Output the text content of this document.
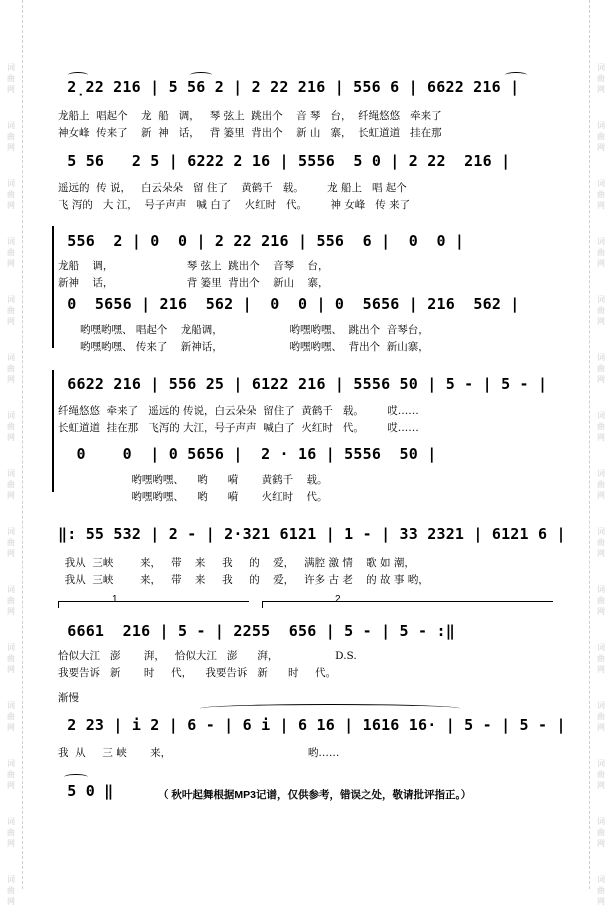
词
曲
网
词
曲
网
词
曲
网
词
曲
网
词
曲
网
词
曲
网
词
曲
网
词
曲
网
词
曲
网
词
曲
网
词
曲
网
词
曲
网
词
曲
网
词
曲
网
词
曲
网
词
曲
网
词
曲
网
词
曲
网
词
曲
网
词
曲
网
词
曲
网
词
曲
网
词
曲
网
词
曲
网
词
曲
网
词
曲
网
词
曲
网
词
曲
网
词
曲
网
词
曲
网
2̣22 216 | 5 56 2 | 2 22 216 | 556 6 | 6622 216 |
龙船上  唱起个    龙  船   调，   琴 弦上  跳出个    音 琴   台，  纤绳悠悠   牵来了
神女峰  传来了    新  神   话，   背 篓里  背出个    新 山   寨，  长虹道道   挂在那
5 56   2 5 | 6222 2 16 | 5556  5 0 | 2 22  216 |
遥远的  传 说，   白云朵朵   留 住了    黄鹤千   载。       龙 船上   唱 起个
飞 泻的   大 江，  号子声声   喊 白了    火红时   代。       神 女峰   传 来了
556  2 | 0  0 | 2 22 216 | 556  6 |  0  0 |
龙船    调，                      琴 弦上  跳出个    音琴    台，
新神    话，                      背 篓里  背出个    新山    寨，
0  5656 | 216  562 |  0  0 | 0  5656 | 216  562 |
哟嘿哟嘿、 唱起个    龙船调，                    哟嘿哟嘿、  跳出个  音琴台，
哟嘿哟嘿、 传来了    新神话，                    哟嘿哟嘿、  背出个  新山寨，
6622 216 | 556 25 | 6122 216 | 5556 50 | 5 - | 5 - |
纤绳悠悠  牵来了   遥远的 传说，白云朵朵  留住了  黄鹤千   载。       哎……
长虹道道  挂在那   飞泻的 大江，号子声声  喊白了  火红时   代。       哎……
0    0  | 0 5656 |  2 · 16 | 5556  50 |
哟嘿哟嘿、    哟      嗬       黄鹤千    载。
哟嘿哟嘿、    哟      嗬       火红时    代。
‖: 55 532 | 2 - | 2·321 6121 | 1 - | 33 2321 | 6121 6 |
我从  三峡        来，   带    来     我     的    爱，   满腔 激 情    歌 如 潮，
我从  三峡        来，   带    来     我     的    爱，   许多 古 老    的 故 事 哟，
1	2
6661  216 | 5 - | 2255  656 | 5 - | 5 - :‖
恰似大江   澎       湃，   恰似大江   澎      湃，                 D.S.
我要告诉   新       时     代，    我要告诉   新      时     代。
渐慢
2 23 | i 2 | 6 - | 6 i | 6 16 | 1616 16· | 5 - | 5 - |
我  从     三 峡       来，                                         哟……
5 0 ‖	（ 秋叶起舞根据MP3记谱，仅供参考，错误之处，敬请批评指正。）
